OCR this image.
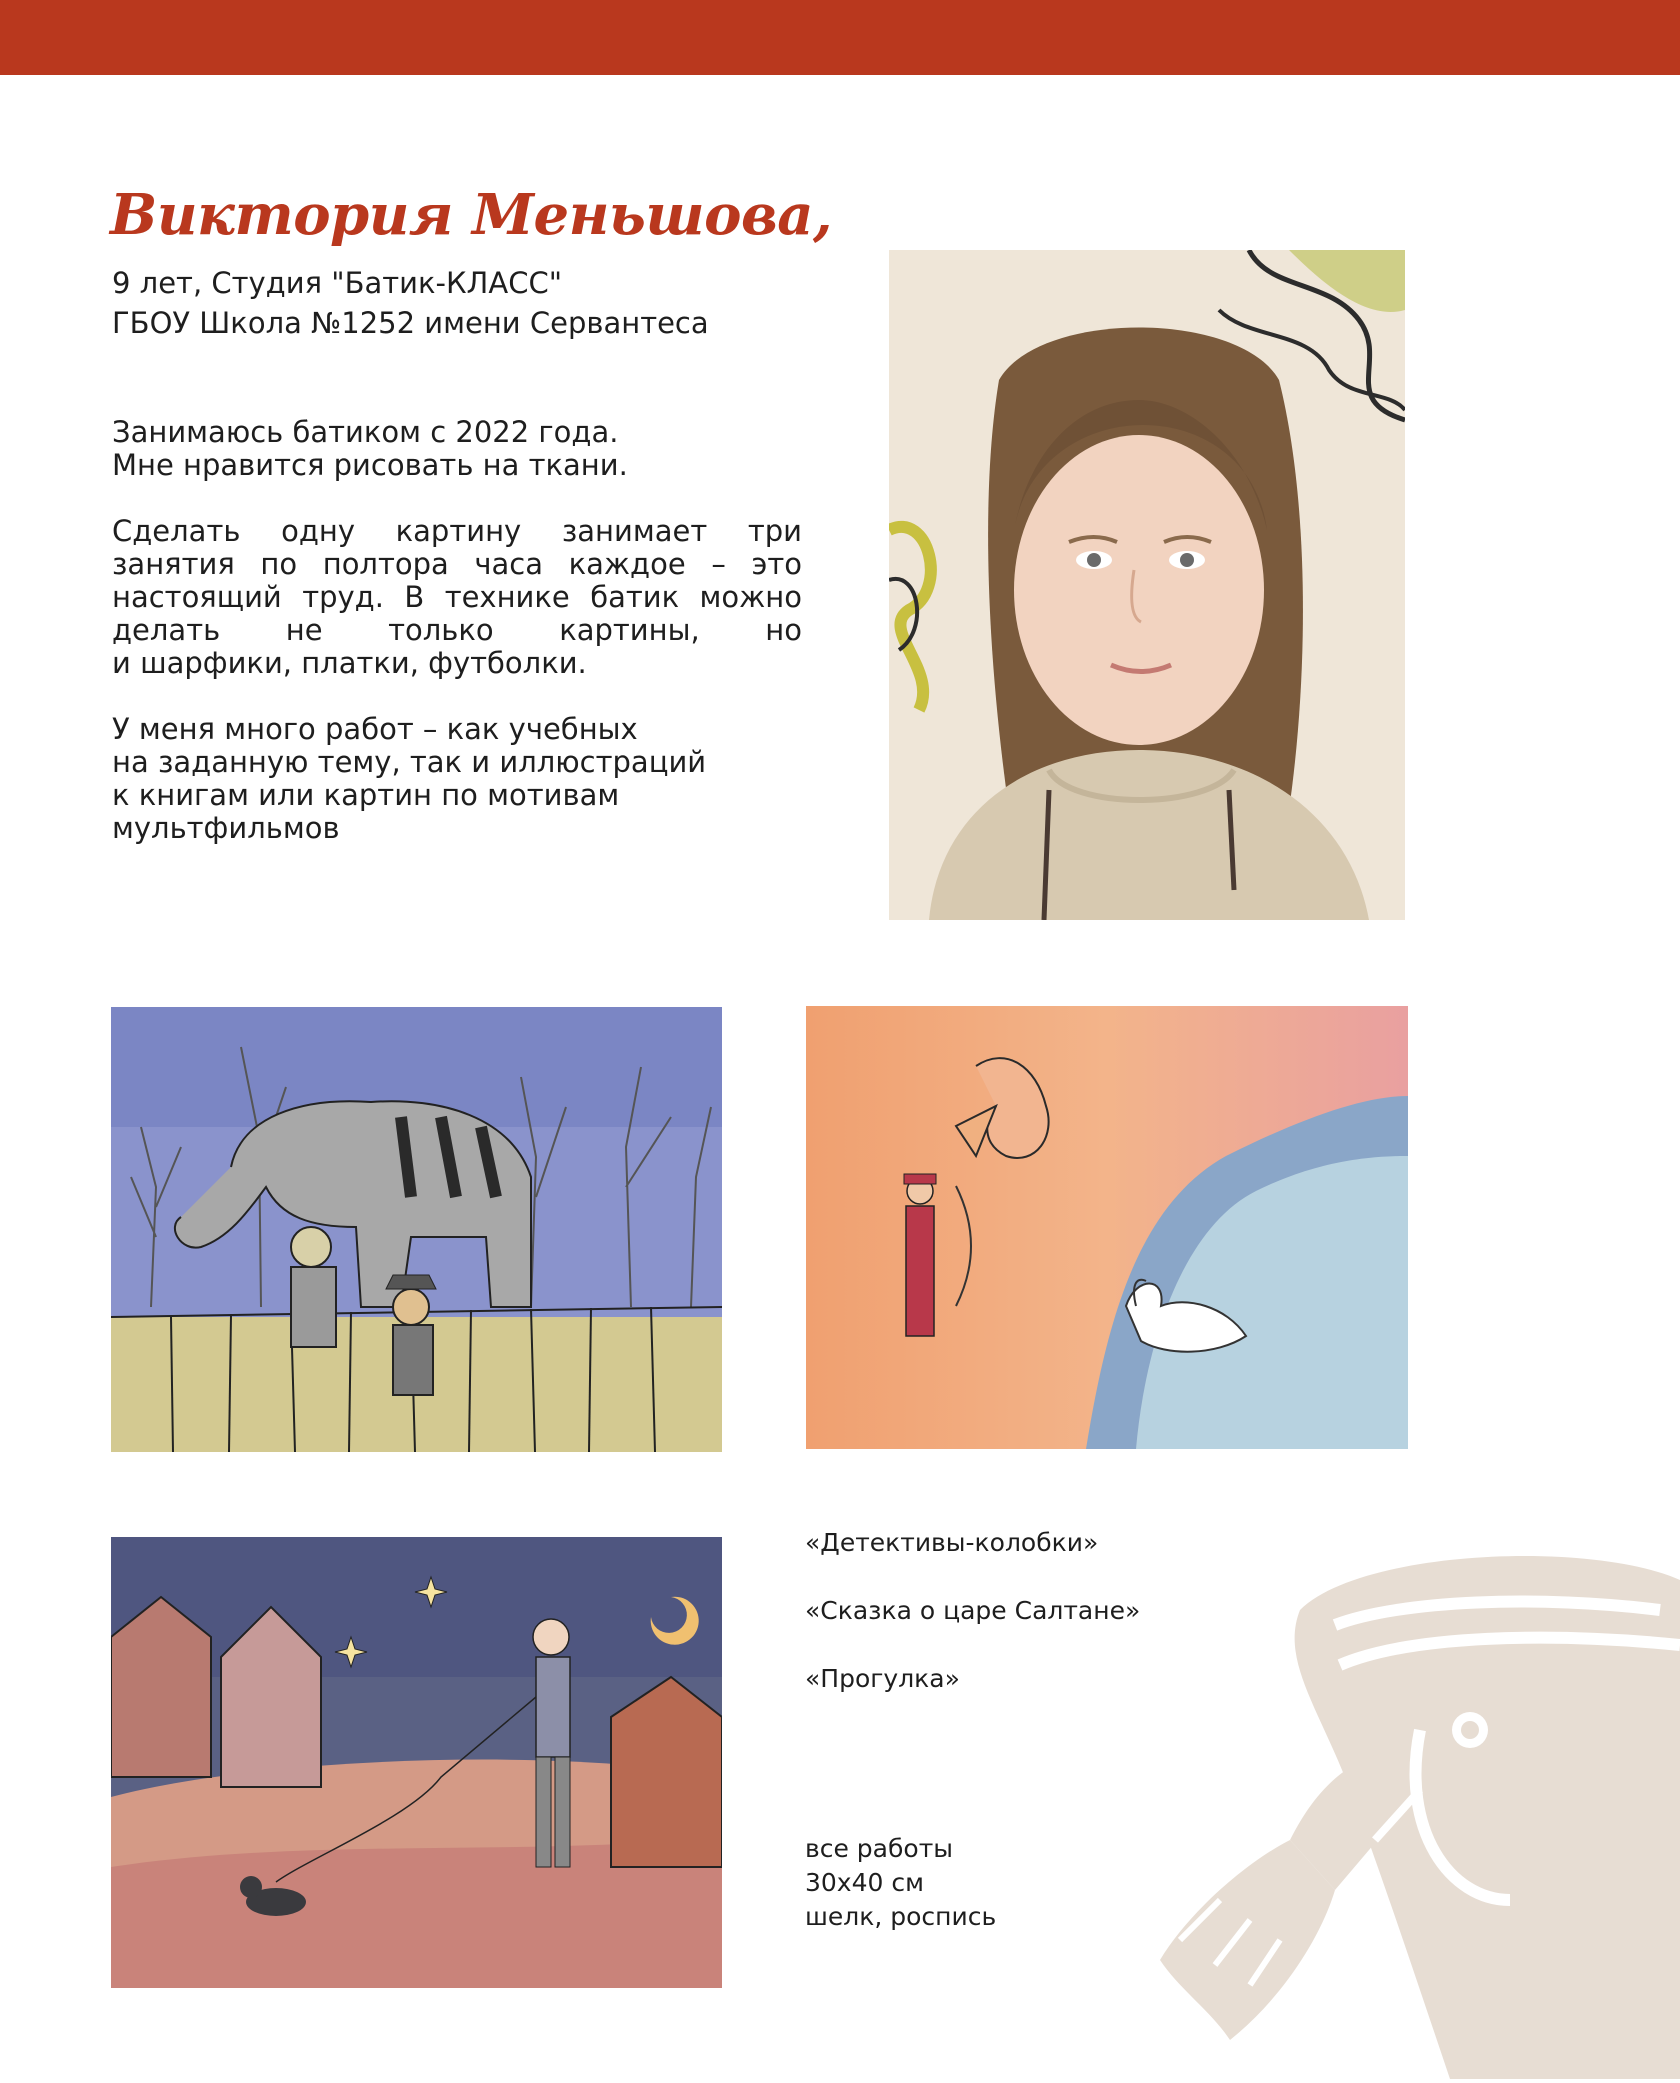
Виктория Меньшова,
9 лет, Студия "Батик-КЛАСС"
ГБОУ Школа №1252 имени Сервантеса

Занимаюсь батиком с 2022 года.
Мне нравится рисовать на ткани.

Сделать одну картину занимает три занятия по полтора часа каждое – это настоящий труд. В технике батик можно делать не только картины, но
и шарфики, платки, футболки.

У меня много работ – как учебных
на заданную тему, так и иллюстраций
к книгам или картин по мотивам
мультфильмов

«Детективы-колобки»
«Сказка о царе Салтане»
«Прогулка»
все работы
30х40 см
шелк, роспись
